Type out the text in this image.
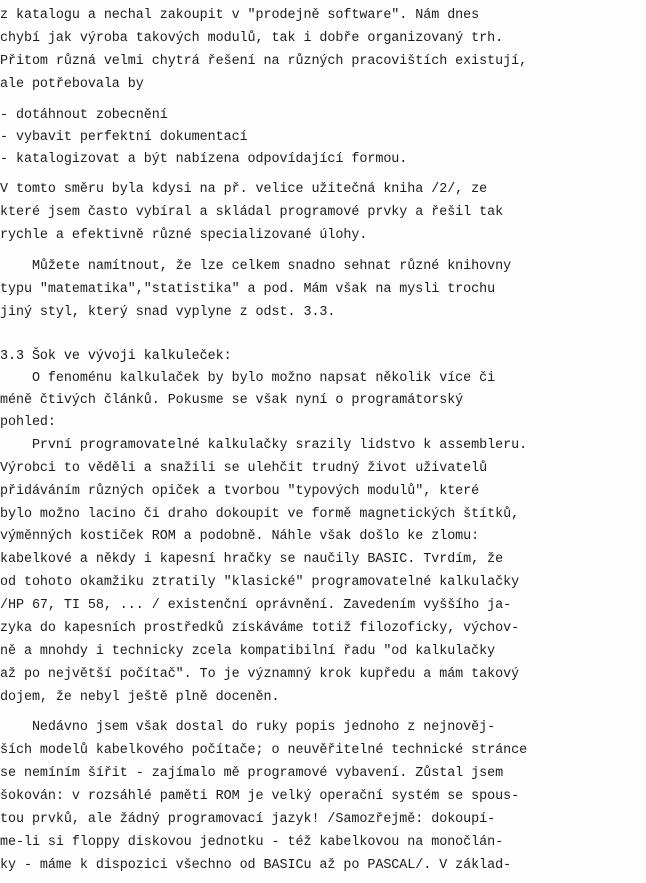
z katalogu a nechal zakoupit v "prodejně software". Nám dnes
chybí jak výroba takových modulů, tak i dobře organizovaný trh.
Přitom různá velmi chytrá řešení na různých pracovištích existují,
ale potřebovala by
- dotáhnout zobecnění
- vybavit perfektní dokumentací
- katalogizovat a být nabízena odpovídající formou.
V tomto směru byla kdysi na př. velice užitečná kniha /2/, ze
které jsem často vybíral a skládal programové prvky a řešil tak
rychle a efektivně různé specializované úlohy.
Můžete namítnout, že lze celkem snadno sehnat různé knihovny
typu "matematika","statistika" a pod. Mám však na mysli trochu
jiný styl, který snad vyplyne z odst. 3.3.
3.3 Šok ve vývoji kalkuleček:
O fenoménu kalkulaček by bylo možno napsat několik více či
méně čtivých článků. Pokusme se však nyní o programátorský
pohled:
První programovatelné kalkulačky srazily lidstvo k assembleru.
Výrobci to věděli a snažili se ulehčit trudný život uživatelů
přidáváním různých opiček a tvorbou "typových modulů", které
bylo možno lacino či draho dokoupit ve formě magnetických štítků,
výměnných kostiček ROM a podobně. Náhle však došlo ke zlomu:
kabelkové a někdy i kapesní hračky se naučily BASIC. Tvrdím, že
od tohoto okamžiku ztratily "klasické" programovatelné kalkulačky
/HP 67, TI 58, ... / existenční oprávnění. Zavedením vyššího ja-
zyka do kapesních prostředků získáváme totiž filozoficky, výchov-
ně a mnohdy i technicky zcela kompatibilní řadu "od kalkulačky
až po největší počítač". To je významný krok kupředu a mám takový
dojem, že nebyl ještě plně doceněn.
Nedávno jsem však dostal do ruky popis jednoho z nejnověj-
ších modelů kabelkového počítače; o neuvěřitelné technické stránce
se nemíním šířit - zajímalo mě programové vybavení. Zůstal jsem
šokován: v rozsáhlé paměti ROM je velký operační systém se spous-
tou prvků, ale žádný programovací jazyk! /Samozřejmě: dokoupí-
me-li si floppy diskovou jednotku - též kabelkovou na monočlán-
ky - máme k dispozici všechno od BASICu až po PASCAL/. V základ-
